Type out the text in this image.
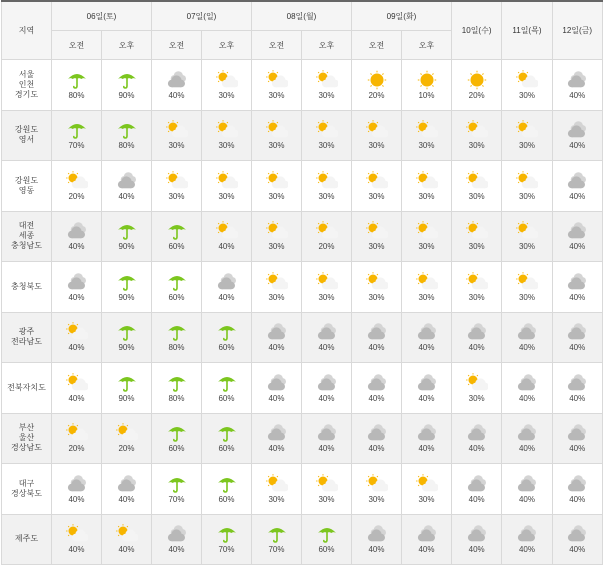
지역	06일(토)		07일(일)		08일(월)		09일(화)		10일(수)	11일(목)	12일(금)
	오전	오후	오전	오후	오전	오후	오전	오후			

서울
인천
경기도	80%	90%	40%	30%	30%	30%	20%	10%	20%	30%	40%

강원도
영서	70%	80%	30%	30%	30%	30%	30%	30%	30%	30%	40%

강원도
영동	20%	40%	30%	30%	30%	30%	30%	30%	30%	30%	40%

대전
세종
충청남도	40%	90%	60%	40%	30%	20%	30%	30%	30%	30%	40%

충청북도	40%	90%	60%	40%	30%	30%	30%	30%	30%	30%	40%

광주
전라남도	40%	90%	80%	60%	40%	40%	40%	40%	40%	40%	40%

전북자치도	40%	90%	80%	60%	40%	40%	40%	40%	30%	40%	40%

부산
울산
경상남도	20%	20%	60%	60%	40%	40%	40%	40%	40%	40%	40%

대구
경상북도	40%	40%	70%	60%	30%	30%	30%	30%	40%	40%	40%

제주도	40%	40%	40%	70%	70%	60%	40%	40%	40%	40%	40%
